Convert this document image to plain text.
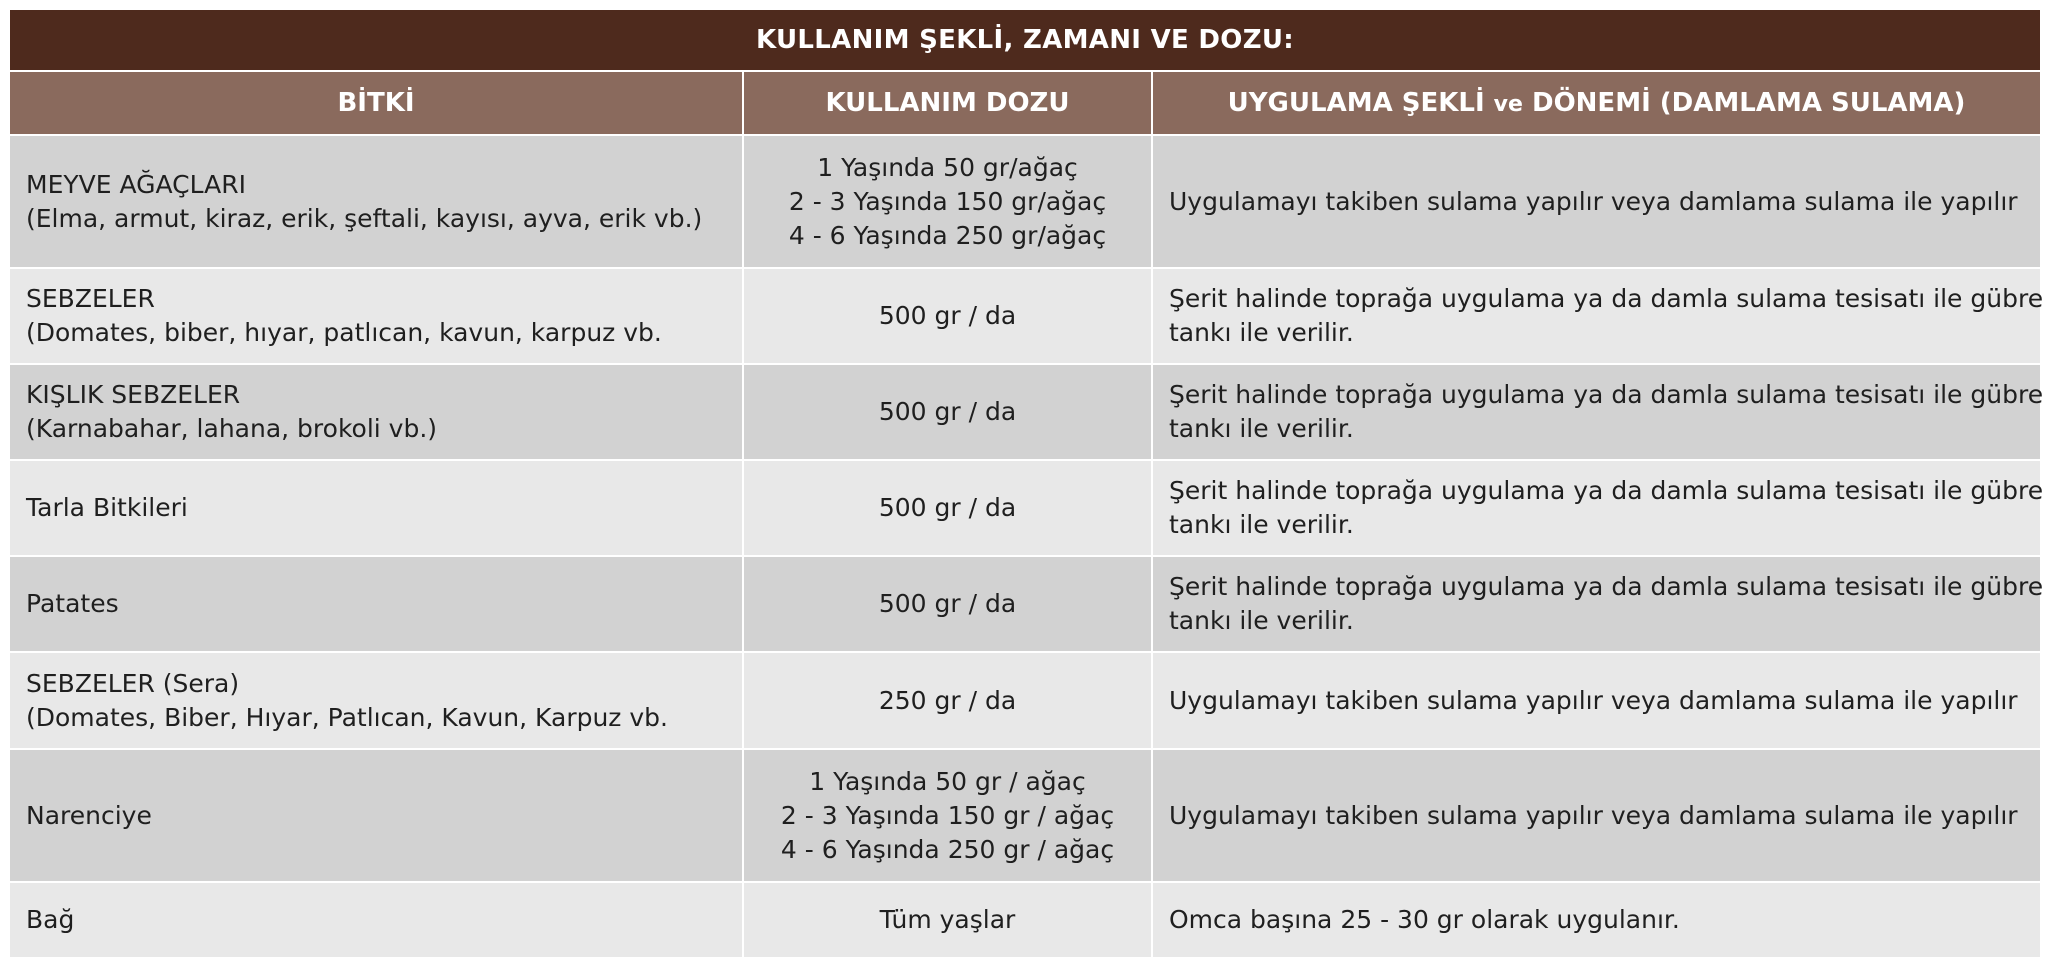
KULLANIM ŞEKLİ, ZAMANI VE DOZU:		
BİTKİ	KULLANIM DOZU	UYGULAMA ŞEKLİ ve DÖNEMİ (DAMLAMA SULAMA)

MEYVE AĞAÇLARI
(Elma, armut, kiraz, erik, şeftali, kayısı, ayva, erik vb.)	1 Yaşında 50 gr/ağaç
2 - 3 Yaşında 150 gr/ağaç
4 - 6 Yaşında 250 gr/ağaç	Uygulamayı takiben sulama yapılır veya damlama sulama ile yapılır

SEBZELER
(Domates, biber, hıyar, patlıcan, kavun, karpuz vb.	500 gr / da	Şerit halinde toprağa uygulama ya da damla sulama tesisatı ile gübre
tankı ile verilir.

KIŞLIK SEBZELER
(Karnabahar, lahana, brokoli vb.)	500 gr / da	Şerit halinde toprağa uygulama ya da damla sulama tesisatı ile gübre
tankı ile verilir.

Tarla Bitkileri	500 gr / da	Şerit halinde toprağa uygulama ya da damla sulama tesisatı ile gübre
tankı ile verilir.

Patates	500 gr / da	Şerit halinde toprağa uygulama ya da damla sulama tesisatı ile gübre
tankı ile verilir.

SEBZELER (Sera)
(Domates, Biber, Hıyar, Patlıcan, Kavun, Karpuz vb.	250 gr / da	Uygulamayı takiben sulama yapılır veya damlama sulama ile yapılır

Narenciye	1 Yaşında 50 gr / ağaç
2 - 3 Yaşında 150 gr / ağaç
4 - 6 Yaşında 250 gr / ağaç	Uygulamayı takiben sulama yapılır veya damlama sulama ile yapılır

Bağ	Tüm yaşlar	Omca başına 25 - 30 gr olarak uygulanır.
